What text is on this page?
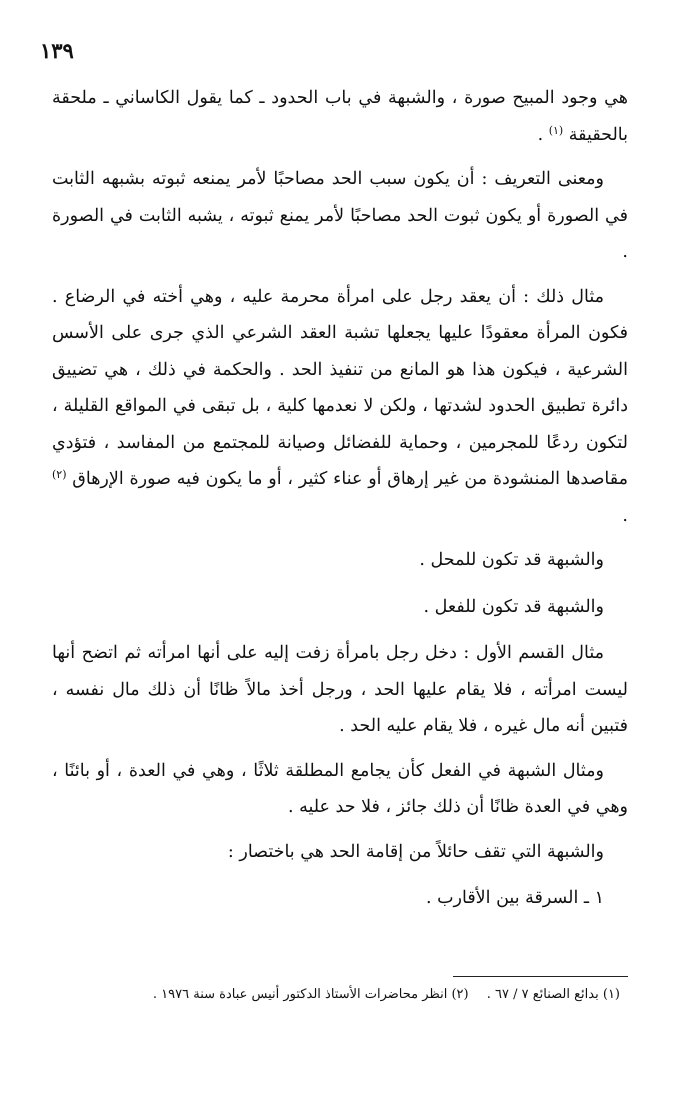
١٣٩

هي وجود المبيح صورة ، والشبهة في باب الحدود ـ كما يقول الكاساني ـ ملحقة بالحقيقة $^{(١)}$ .

ومعنى التعريف : أن يكون سبب الحد مصاحبًا لأمر يمنعه ثبوته بشبهه الثابت في الصورة أو يكون ثبوت الحد مصاحبًا لأمر يمنع ثبوته ، يشبه الثابت في الصورة .

مثال ذلك : أن يعقد رجل على امرأة محرمة عليه ، وهي أخته في الرضاع . فكون المرأة معقودًا عليها يجعلها تشبة العقد الشرعي الذي جرى على الأسس الشرعية ، فيكون هذا هو المانع من تنفيذ الحد . والحكمة في ذلك ، هي تضييق دائرة تطبيق الحدود لشدتها ، ولكن لا نعدمها كلية ، بل تبقى في المواقع القليلة ، لتكون ردعًا للمجرمين ، وحماية للفضائل وصيانة للمجتمع من المفاسد ، فتؤدي مقاصدها المنشودة من غير إرهاق أو عناء كثير ، أو ما يكون فيه صورة الإرهاق $^{(٢)}$ .

والشبهة قد تكون للمحل .

والشبهة قد تكون للفعل .

مثال القسم الأول : دخل رجل بامرأة زفت إليه على أنها امرأته ثم اتضح أنها ليست امرأته ، فلا يقام عليها الحد ، ورجل أخذ مالاً ظانًا أن ذلك مال نفسه ، فتبين أنه مال غيره ، فلا يقام عليه الحد .

ومثال الشبهة في الفعل كأن يجامع المطلقة ثلاثًا ، وهي في العدة ، أو بائنًا ، وهي في العدة ظانًا أن ذلك جائز ، فلا حد عليه .

والشبهة التي تقف حائلاً من إقامة الحد هي باختصار :

١ ـ السرقة بين الأقارب .

(١) بدائع الصنائع ٧ / ٦٧ . (٢) انظر محاضرات الأستاذ الدكتور أنيس عبادة سنة ١٩٧٦ .
